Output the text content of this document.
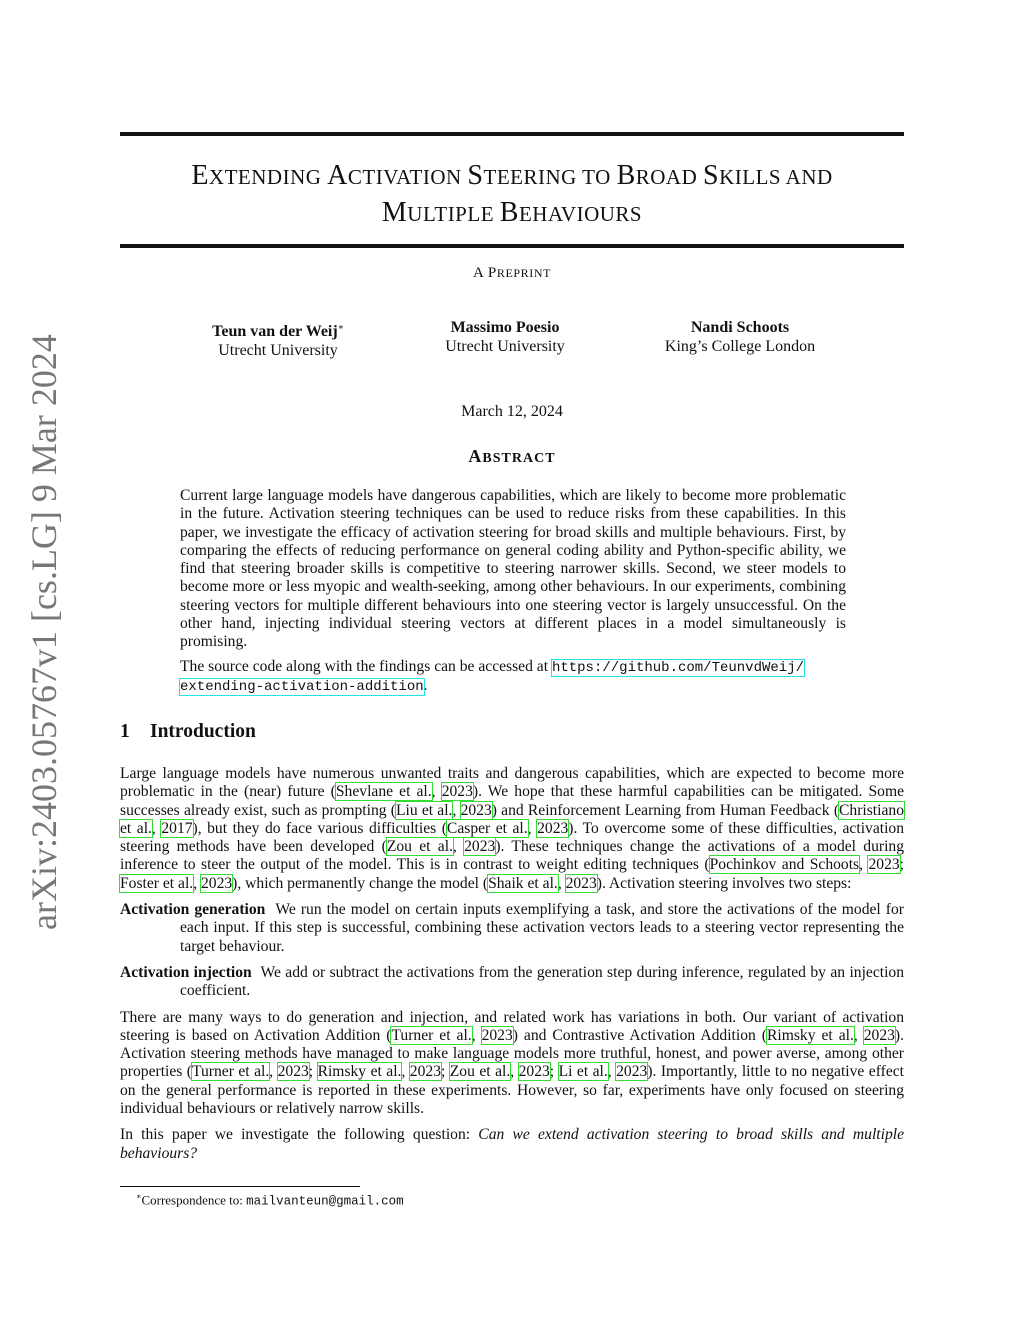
arXiv:2403.05767v1 [cs.LG] 9 Mar 2024
EXTENDING ACTIVATION STEERING TO BROAD SKILLS AND
MULTIPLE BEHAVIOURS
A PREPRINT
Teun van der Weij∗
Utrecht University
Massimo Poesio
Utrecht University
Nandi Schoots
King’s College London
March 12, 2024
ABSTRACT

Current large language models have dangerous capabilities, which are likely to become more problematic in the future. Activation steering techniques can be used to reduce risks from these capabilities. In this paper, we investigate the efficacy of activation steering for broad skills and multiple behaviours. First, by comparing the effects of reducing performance on general coding ability and Python-specific ability, we find that steering broader skills is competitive to steering narrower skills. Second, we steer models to become more or less myopic and wealth-seeking, among other behaviours. In our experiments, combining steering vectors for multiple different behaviours into one steering vector is largely unsuccessful. On the other hand, injecting individual steering vectors at different places in a model simultaneously is promising.

The source code along with the findings can be accessed at https://github.com/TeunvdWeij/
extending-activation-addition.

1 Introduction

Large language models have numerous unwanted traits and dangerous capabilities, which are expected to become more problematic in the (near) future (Shevlane et al., 2023). We hope that these harmful capabilities can be mitigated. Some successes already exist, such as prompting (Liu et al., 2023) and Reinforcement Learning from Human Feedback (Christiano et al., 2017), but they do face various difficulties (Casper et al., 2023). To overcome some of these difficulties, activation steering methods have been developed (Zou et al., 2023). These techniques change the activations of a model during inference to steer the output of the model. This is in contrast to weight editing techniques (Pochinkov and Schoots, 2023; Foster et al., 2023), which permanently change the model (Shaik et al., 2023). Activation steering involves two steps:

Activation generation We run the model on certain inputs exemplifying a task, and store the activations of the model for each input. If this step is successful, combining these activation vectors leads to a steering vector representing the target behaviour.

Activation injection We add or subtract the activations from the generation step during inference, regulated by an injection coefficient.

There are many ways to do generation and injection, and related work has variations in both. Our variant of activation steering is based on Activation Addition (Turner et al., 2023) and Contrastive Activation Addition (Rimsky et al., 2023). Activation steering methods have managed to make language models more truthful, honest, and power averse, among other properties (Turner et al., 2023; Rimsky et al., 2023; Zou et al., 2023; Li et al., 2023). Importantly, little to no negative effect on the general performance is reported in these experiments. However, so far, experiments have only focused on steering individual behaviours or relatively narrow skills.

In this paper we investigate the following question: Can we extend activation steering to broad skills and multiple behaviours?

∗Correspondence to: mailvanteun@gmail.com
